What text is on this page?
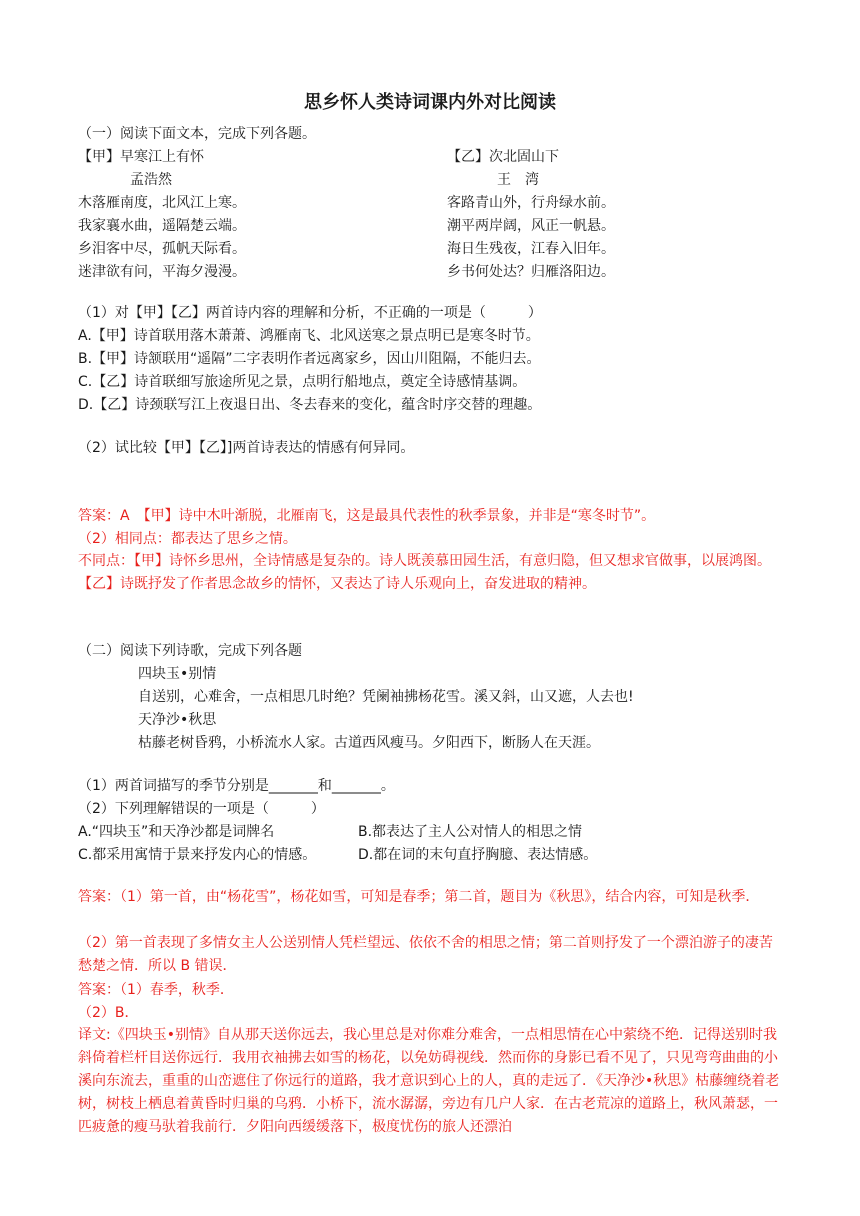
思乡怀人类诗词课内外对比阅读
（一）阅读下面文本，完成下列各题。
【甲】早寒江上有怀
孟浩然
木落雁南度，北风江上寒。
我家襄水曲，遥隔楚云端。
乡泪客中尽，孤帆天际看。
迷津欲有问，平海夕漫漫。
【乙】次北固山下
王　湾
客路青山外，行舟绿水前。
潮平两岸阔，风正一帆悬。
海日生残夜，江春入旧年。
乡书何处达？归雁洛阳边。
（1）对【甲】【乙】两首诗内容的理解和分析，不正确的一项是（　　　）
A.【甲】诗首联用落木萧萧、鸿雁南飞、北风送寒之景点明已是寒冬时节。
B.【甲】诗颔联用“遥隔”二字表明作者远离家乡，因山川阻隔，不能归去。
C.【乙】诗首联细写旅途所见之景，点明行船地点，奠定全诗感情基调。
D.【乙】诗颈联写江上夜退日出、冬去春来的变化，蕴含时序交替的理趣。
（2）试比较【甲】【乙】]两首诗表达的情感有何异同。
答案：A　【甲】诗中木叶渐脱，北雁南飞，这是最具代表性的秋季景象，并非是“寒冬时节”。
（2）相同点：都表达了思乡之情。
不同点：【甲】诗怀乡思州，全诗情感是复杂的。诗人既羡慕田园生活，有意归隐，但又想求官做事，以展鸿图。【乙】诗既抒发了作者思念故乡的情怀，又表达了诗人乐观向上，奋发进取的精神。
（二）阅读下列诗歌，完成下列各题
四块玉•别情
自送别，心难舍，一点相思几时绝？凭阑袖拂杨花雪。溪又斜，山又遮，人去也!
天净沙•秋思
枯藤老树昏鸦，小桥流水人家。古道西风瘦马。夕阳西下，断肠人在天涯。
（1）两首词描写的季节分别是_______和_______。
（2）下列理解错误的一项是（　　　）
A.“四块玉”和天净沙都是词牌名	B.都表达了主人公对情人的相思之情
C.都采用寓情于景来抒发内心的情感。	D.都在词的末句直抒胸臆、表达情感。
答案：（1）第一首，由“杨花雪”，杨花如雪，可知是春季；第二首，题目为《秋思》，结合内容，可知是秋季．
（2）第一首表现了多情女主人公送别情人凭栏望远、依依不舍的相思之情；第二首则抒发了一个漂泊游子的凄苦愁楚之情．所以 B 错误．
答案：（1）春季，秋季．
（2）B．
译文:《四块玉•别情》自从那天送你远去，我心里总是对你难分难舍，一点相思情在心中萦绕不绝．记得送别时我斜倚着栏杆目送你远行．我用衣袖拂去如雪的杨花，以免妨碍视线．然而你的身影已看不见了，只见弯弯曲曲的小溪向东流去，重重的山峦遮住了你远行的道路，我才意识到心上的人，真的走远了．《天净沙•秋思》枯藤缠绕着老树，树枝上栖息着黄昏时归巢的乌鸦．小桥下，流水潺潺，旁边有几户人家．在古老荒凉的道路上，秋风萧瑟，一匹疲惫的瘦马驮着我前行．夕阳向西缓缓落下，极度忧伤的旅人还漂泊
